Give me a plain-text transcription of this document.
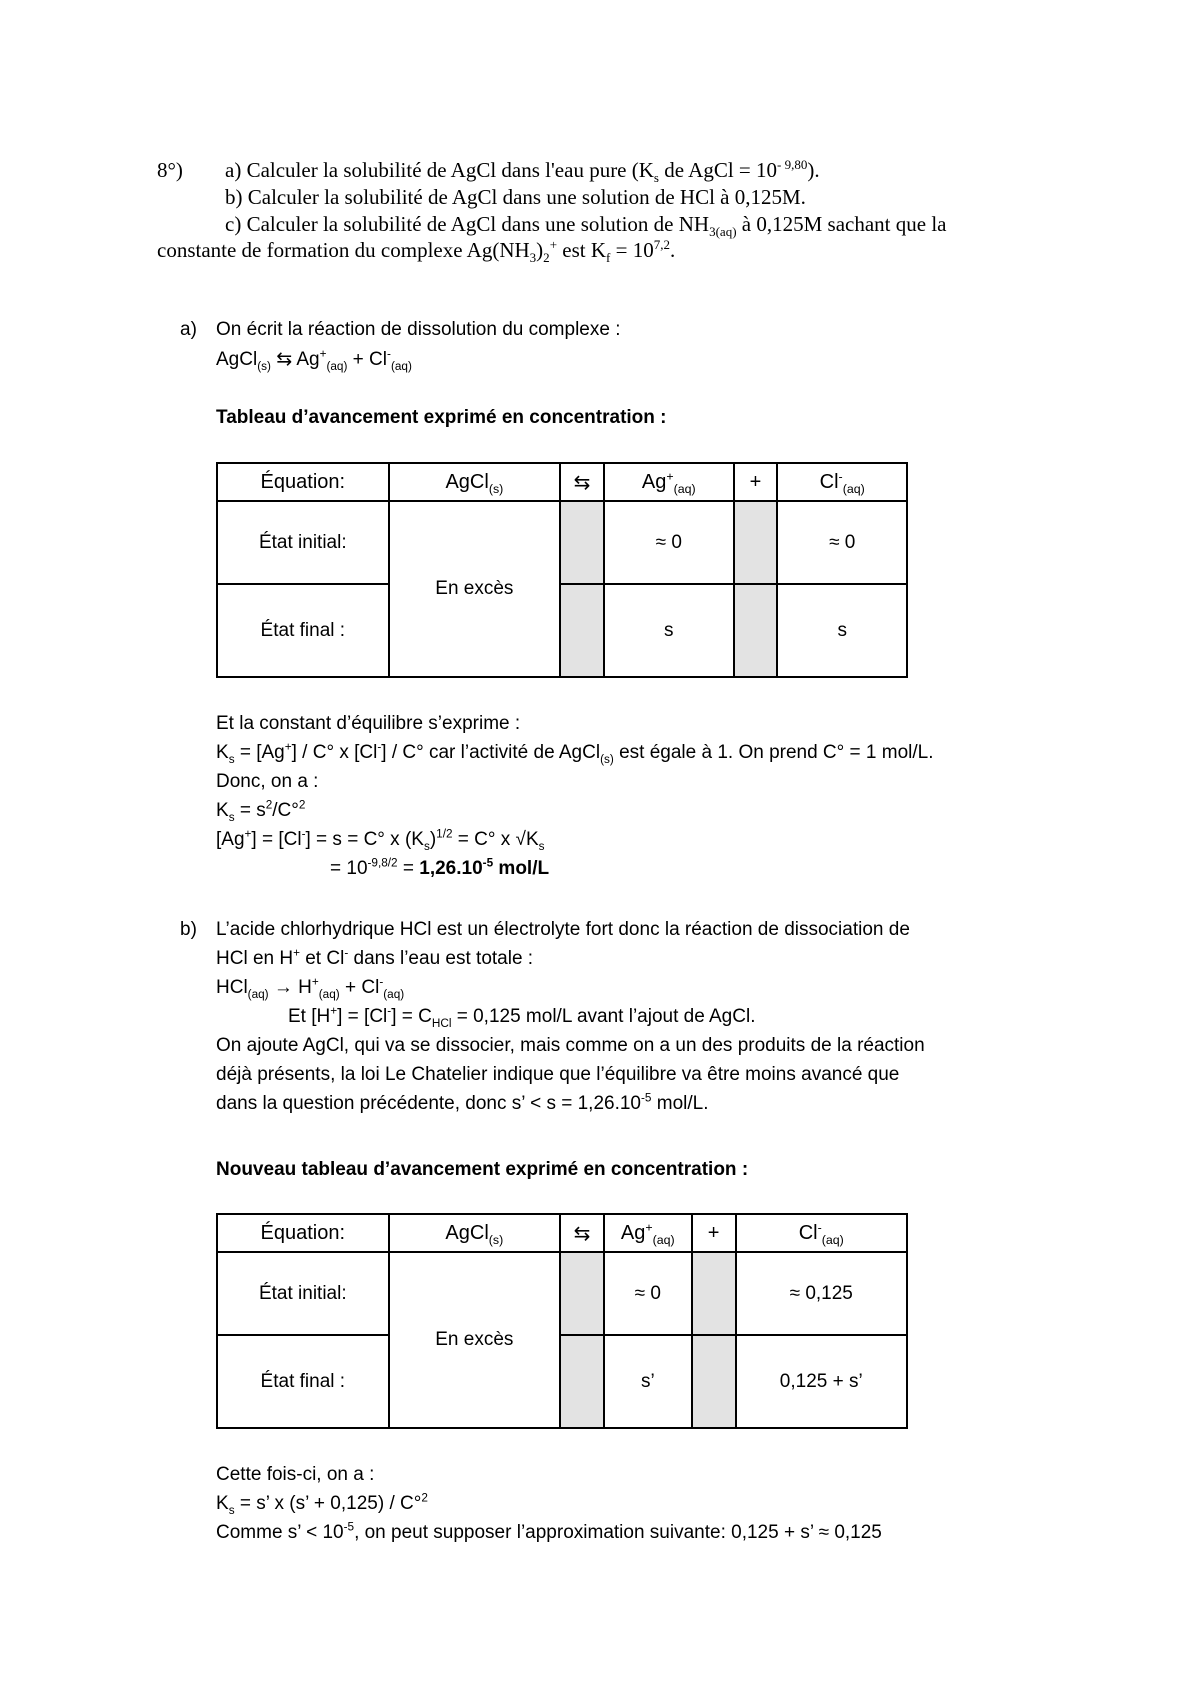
8°) a) Calculer la solubilité de AgCl dans l'eau pure ($K_s$ de AgCl = $10^{- 9,80}$).
b) Calculer la solubilité de AgCl dans une solution de HCl à 0,125M.
c) Calculer la solubilité de AgCl dans une solution de $NH_{3(aq)}$ à 0,125M sachant que la
constante de formation du complexe $Ag(NH_3)_2^+$ est $K_f = 10^{7,2}$.
a) On écrit la réaction de dissolution du complexe :
AgCl$_{(s)}$ ⇆ $Ag^+_{(aq)} + Cl^-_{(aq)}$
Tableau d’avancement exprimé en concentration :
Équation:	AgCl$_{(s)}$	⇆	$Ag^+_{(aq)}$	+	$Cl^-_{(aq)}$
État initial:	En excès		≈ 0		≈ 0
État final :			s		s
Et la constant d’équilibre s’exprime :
$K_s = [Ag^+] / C^\circ$ x [Cl-] / C° car l’activité de AgCl$_{(s)}$ est égale à 1. On prend C° = 1 mol/L.
Donc, on a :
$K_s = s^2/C^\circ^2$
[Ag+] = [Cl-] = s = C° x $(K_s)^{1/2} = C^\circ$ x $√K_s$
= $10^{-9,8/2} = 1,26.10^{-5}$ mol/L
b) L’acide chlorhydrique HCl est un électrolyte fort donc la réaction de dissociation de
HCl en H+ et Cl- dans l’eau est totale :
$HCl_{(aq)} \to H^+_{(aq)} + Cl^-_{(aq)}$
Et $[H^+] = [Cl^-] = C_{HCl} = 0,125$ mol/L avant l’ajout de AgCl.
On ajoute AgCl, qui va se dissocier, mais comme on a un des produits de la réaction
déjà présents, la loi Le Chatelier indique que l’équilibre va être moins avancé que
dans la question précédente, donc s’ < $s = 1,26.10^{-5}$ mol/L.
Nouveau tableau d’avancement exprimé en concentration :
Équation:	AgCl$_{(s)}$	⇆	$Ag^+_{(aq)}$	+	$Cl^-_{(aq)}$
État initial:	En excès		≈ 0		≈ 0,125
État final :			s’		0,125 + s’
Cette fois-ci, on a :
$K_s = s$’ x (s’ + 0,125) / C°$^2$
Comme s’ < $10^{-5}$, on peut supposer l’approximation suivante: 0,125 + s’ ≈ 0,125
